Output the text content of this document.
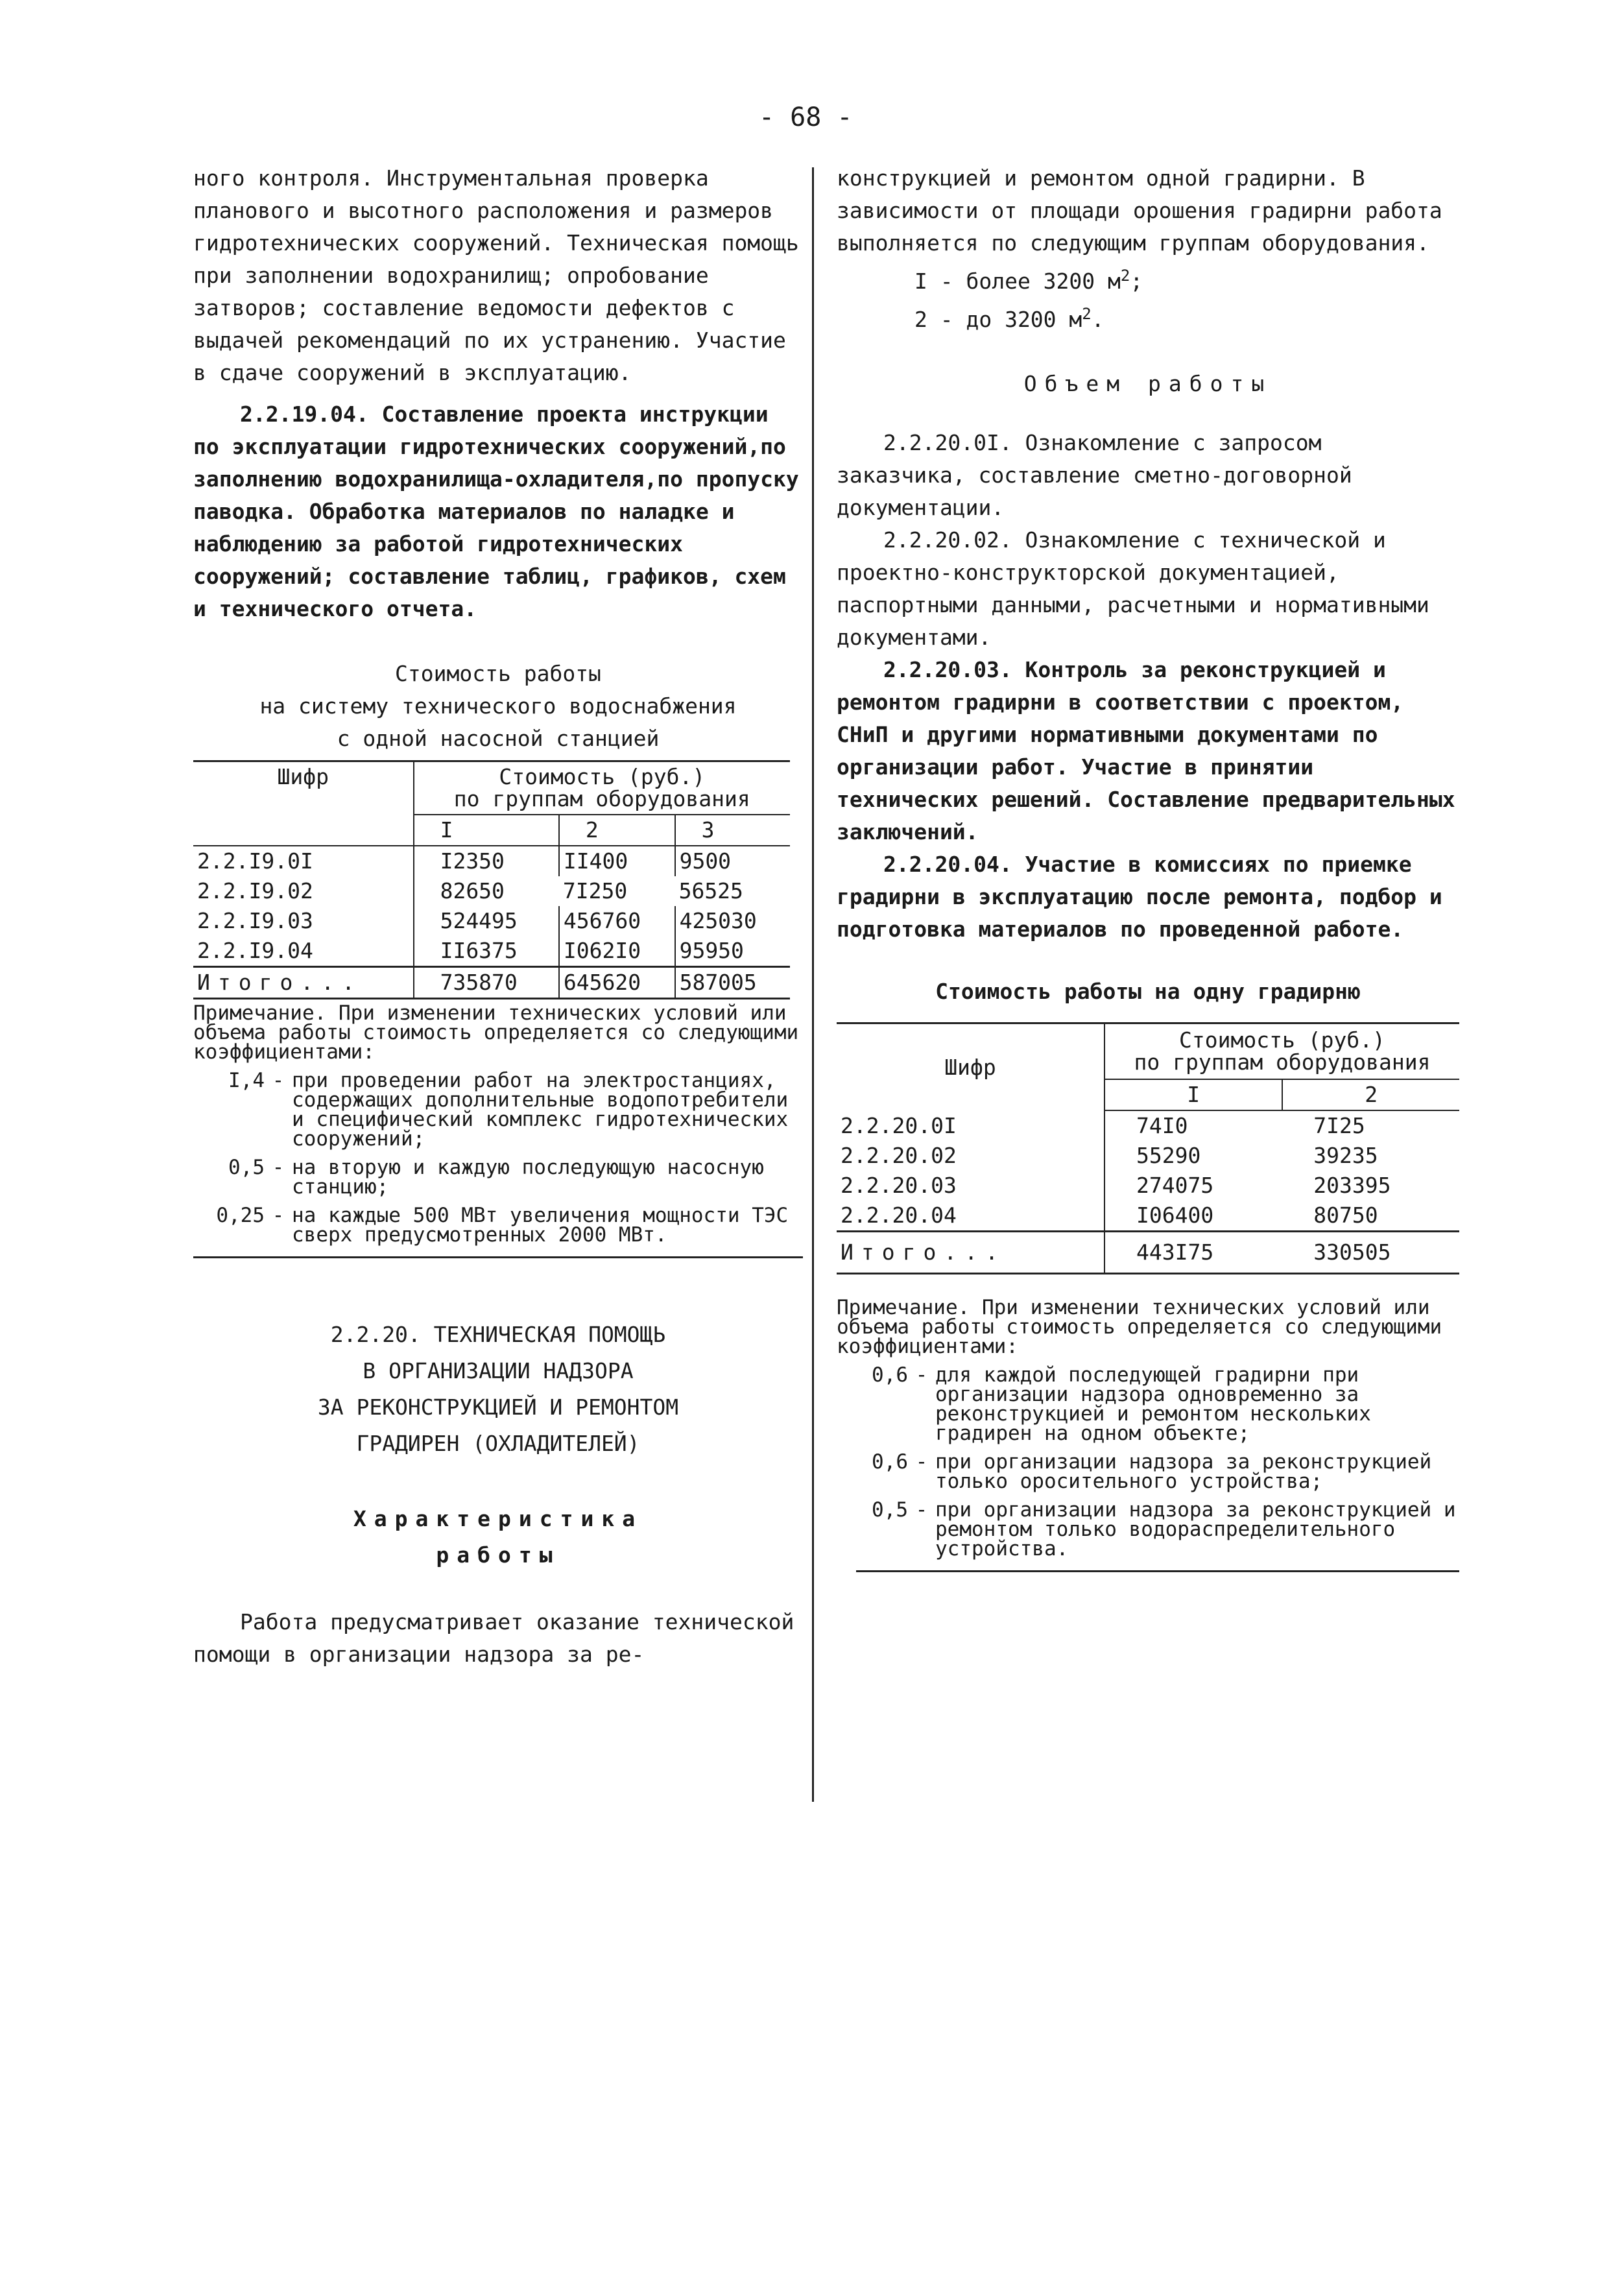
- 68 -

ного контроля. Инструментальная проверка планового и высотного расположения и размеров гидротехнических сооружений. Техническая помощь при заполнении водохранилищ; опробование затворов; составление ведомости дефектов с выдачей рекомендаций по их устранению. Участие в сдаче сооружений в эксплуатацию.

2.2.19.04. Составление проекта инструкции по эксплуатации гидротехнических сооружений,по заполнению водохранилища-охладителя,по пропуску паводка. Обработка материалов по наладке и наблюдению за работой гидротехнических сооружений; составление таблиц, графиков, схем и технического отчета.

Стоимость работы

на систему технического водоснабжения

с одной насосной станцией

Шифр	Стоимость (руб.)
по группам оборудования		

	I	2	3
2.2.I9.0I	I2350	II400	9500
2.2.I9.02	82650	7I250	56525
2.2.I9.03	524495	456760	425030
2.2.I9.04	II6375	I062I0	95950
Итого...	735870	645620	587005
Примечание. При изменении технических условий или объема работы стоимость определяется со следующими коэффициентами:
I,4 - при проведении работ на электростанциях, содержащих дополнительные водопотребители и специфический комплекс гидротехнических сооружений;
0,5 - на вторую и каждую последующую насосную станцию;
0,25 - на каждые 500 МВт увеличения мощности ТЭС сверх предусмотренных 2000 МВт.
2.2.20. ТЕХНИЧЕСКАЯ ПОМОЩЬ
В ОРГАНИЗАЦИИ НАДЗОРА
ЗА РЕКОНСТРУКЦИЕЙ И РЕМОНТОМ
ГРАДИРЕН (ОХЛАДИТЕЛЕЙ)
Характеристика
работы

Работа предусматривает оказание технической помощи в организации надзора за ре-

конструкцией и ремонтом одной градирни. В зависимости от площади орошения градирни работа выполняется по следующим группам оборудования.

I - более 3200 $м^2$;

2 - до 3200 $м^2$.

Объем работы

2.2.20.0I. Ознакомление с запросом заказчика, составление сметно-договорной документации.

2.2.20.02. Ознакомление с технической и проектно-конструкторской документацией, паспортными данными, расчетными и нормативными документами.

2.2.20.03. Контроль за реконструкцией и ремонтом градирни в соответствии с проектом, СНиП и другими нормативными документами по организации работ. Участие в принятии технических решений. Составление предварительных заключений.

2.2.20.04. Участие в комиссиях по приемке градирни в эксплуатацию после ремонта, подбор и подготовка материалов по проведенной работе.

Стоимость работы на одну градирню

Шифр	Стоимость (руб.)
по группам оборудования	

	I	2
2.2.20.0I	74I0	7I25
2.2.20.02	55290	39235
2.2.20.03	274075	203395
2.2.20.04	I06400	80750
Итого...	443I75	330505
Примечание. При изменении технических условий или объема работы стоимость определяется со следующими коэффициентами:
0,6 - для каждой последующей градирни при организации надзора одновременно за реконструкцией и ремонтом нескольких градирен на одном объекте;
0,6 - при организации надзора за реконструкцией только оросительного устройства;
0,5 - при организации надзора за реконструкцией и ремонтом только водораспределительного устройства.
